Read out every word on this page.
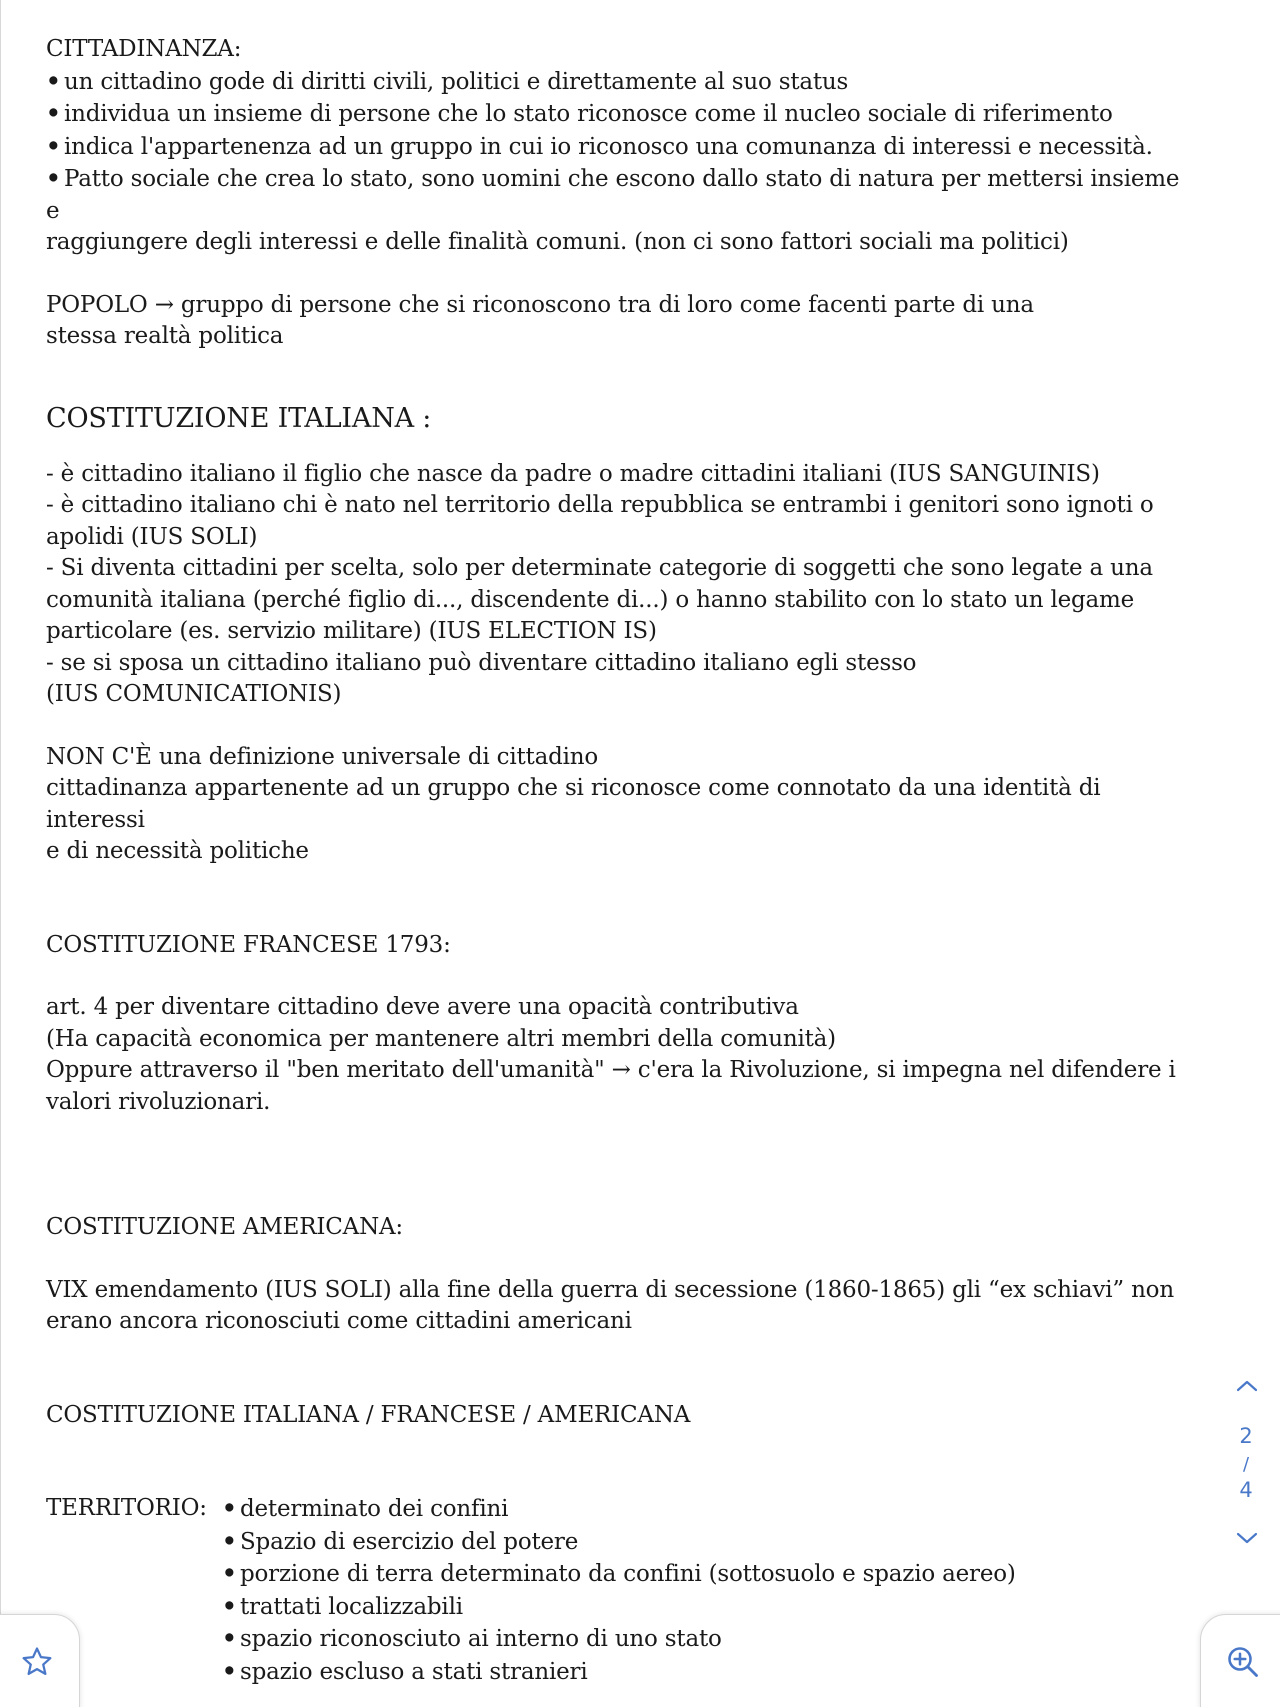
CITTADINANZA:

• un cittadino gode di diritti civili, politici e direttamente al suo status

• individua un insieme di persone che lo stato riconosce come il nucleo sociale di riferimento

• indica l'appartenenza ad un gruppo in cui io riconosco una comunanza di interessi e necessità.

• Patto sociale che crea lo stato, sono uomini che escono dallo stato di natura per mettersi insieme e

raggiungere degli interessi e delle finalità comuni. (non ci sono fattori sociali ma politici)

POPOLO → gruppo di persone che si riconoscono tra di loro come facenti parte di una

stessa realtà politica

COSTITUZIONE ITALIANA :

- è cittadino italiano il figlio che nasce da padre o madre cittadini italiani (IUS SANGUINIS)

- è cittadino italiano chi è nato nel territorio della repubblica se entrambi i genitori sono ignoti o

apolidi (IUS SOLI)

- Si diventa cittadini per scelta, solo per determinate categorie di soggetti che sono legate a una

comunità italiana (perché figlio di..., discendente di...) o hanno stabilito con lo stato un legame

particolare (es. servizio militare) (IUS ELECTION IS)

- se si sposa un cittadino italiano può diventare cittadino italiano egli stesso

(IUS COMUNICATIONIS)

NON C'È una definizione universale di cittadino

cittadinanza appartenente ad un gruppo che si riconosce come connotato da una identità di interessi

e di necessità politiche

COSTITUZIONE FRANCESE 1793:

art. 4 per diventare cittadino deve avere una opacità contributiva

(Ha capacità economica per mantenere altri membri della comunità)

Oppure attraverso il "ben meritato dell'umanità" → c'era la Rivoluzione, si impegna nel difendere i

valori rivoluzionari.

COSTITUZIONE AMERICANA:

VIX emendamento (IUS SOLI) alla fine della guerra di secessione (1860-1865) gli “ex schiavi” non

erano ancora riconosciuti come cittadini americani

COSTITUZIONE ITALIANA / FRANCESE / AMERICANA

TERRITORIO:
•	determinato dei confini
• Spazio di esercizio del potere
• porzione di terra determinato da confini (sottosuolo e spazio aereo)
• trattati localizzabili
• spazio riconosciuto ai interno di uno stato
• spazio escluso a stati stranieri
2
/
4
